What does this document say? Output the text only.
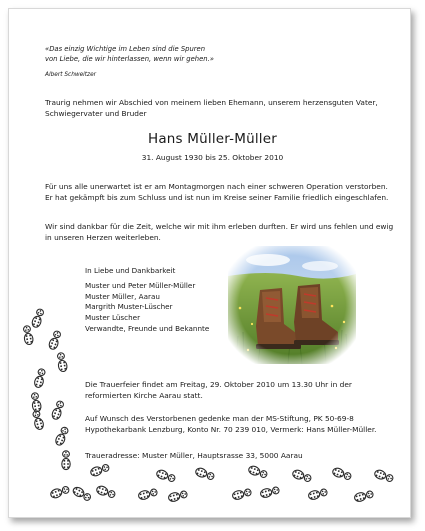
«Das einzig Wichtige im Leben sind die Spuren
von Liebe, die wir hinterlassen, wenn wir gehen.»
Albert Schweitzer
Traurig nehmen wir Abschied von meinem lieben Ehemann, unserem herzensguten Vater, Schwiegervater und Bruder
Hans Müller-Müller
31. August 1930 bis 25. Oktober 2010
Für uns alle unerwartet ist er am Montagmorgen nach einer schweren Operation verstorben. Er hat gekämpft bis zum Schluss und ist nun im Kreise seiner Familie friedlich eingeschlafen.
Wir sind dankbar für die Zeit, welche wir mit ihm erleben durften. Er wird uns fehlen und ewig in unseren Herzen weiterleben.
In Liebe und Dankbarkeit
Muster und Peter Müller-Müller
Muster Müller, Aarau
Margrith Muster-Lüscher
Muster Lüscher
Verwandte, Freunde und Bekannte
Die Trauerfeier findet am Freitag, 29. Oktober 2010 um 13.30 Uhr in der reformierten Kirche Aarau statt.
Auf Wunsch des Verstorbenen gedenke man der MS-Stiftung, PK 50-69-8 Hypothekarbank Lenzburg, Konto Nr. 70 239 010, Vermerk: Hans Müller-Müller.
Traueradresse: Muster Müller, Hauptsrasse 33, 5000 Aarau
